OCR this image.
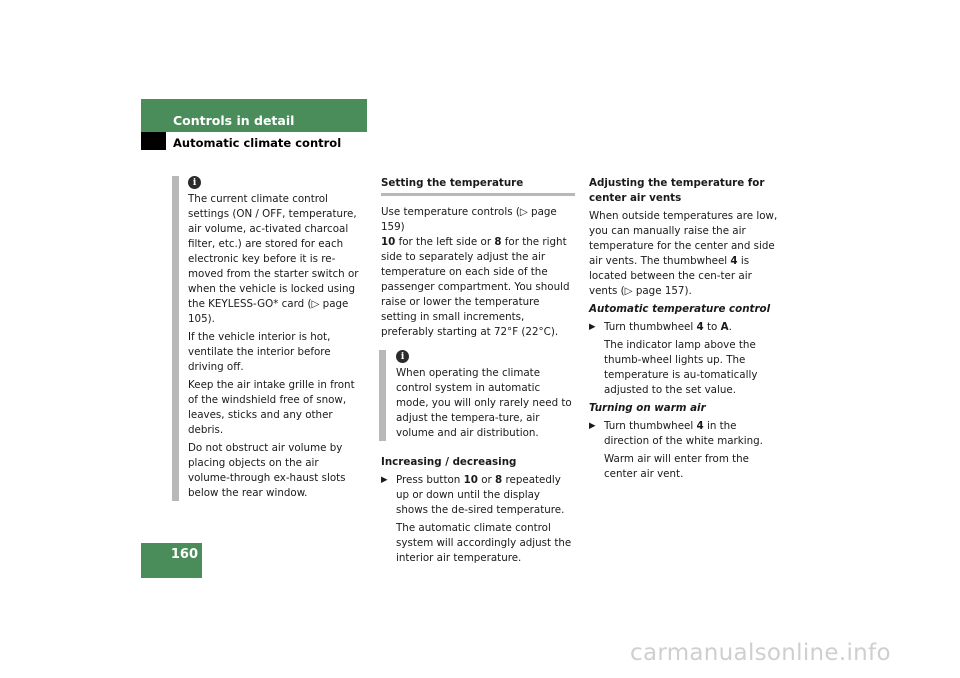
Controls in detail
Automatic climate control
i

The current climate control settings (ON / OFF, temperature, air volume, ac-tivated charcoal filter, etc.) are stored for each electronic key before it is re-moved from the starter switch or when the vehicle is locked using the KEYLESS-GO* card (▷ page 105).

If the vehicle interior is hot, ventilate the interior before driving off.

Keep the air intake grille in front of the windshield free of snow, leaves, sticks and any other debris.

Do not obstruct air volume by placing objects on the air volume-through ex-haust slots below the rear window.

Setting the temperature

Use temperature controls (▷ page 159)
10 for the left side or 8 for the right side to separately adjust the air temperature on each side of the passenger compartment. You should raise or lower the temperature setting in small increments, preferably starting at 72°F (22°C).

i

When operating the climate control system in automatic mode, you will only rarely need to adjust the tempera-ture, air volume and air distribution.

Increasing / decreasing

▶ Press button 10 or 8 repeatedly up or down until the display shows the de-sired temperature.

The automatic climate control system will accordingly adjust the interior air temperature.

Adjusting the temperature for center air vents

When outside temperatures are low, you can manually raise the air temperature for the center and side air vents. The thumbwheel 4 is located between the cen-ter air vents (▷ page 157).

Automatic temperature control

▶ Turn thumbwheel 4 to A.

The indicator lamp above the thumb-wheel lights up. The temperature is au-tomatically adjusted to the set value.

Turning on warm air

▶ Turn thumbwheel 4 in the direction of the white marking.

Warm air will enter from the center air vent.

160
carmanualsonline.info
